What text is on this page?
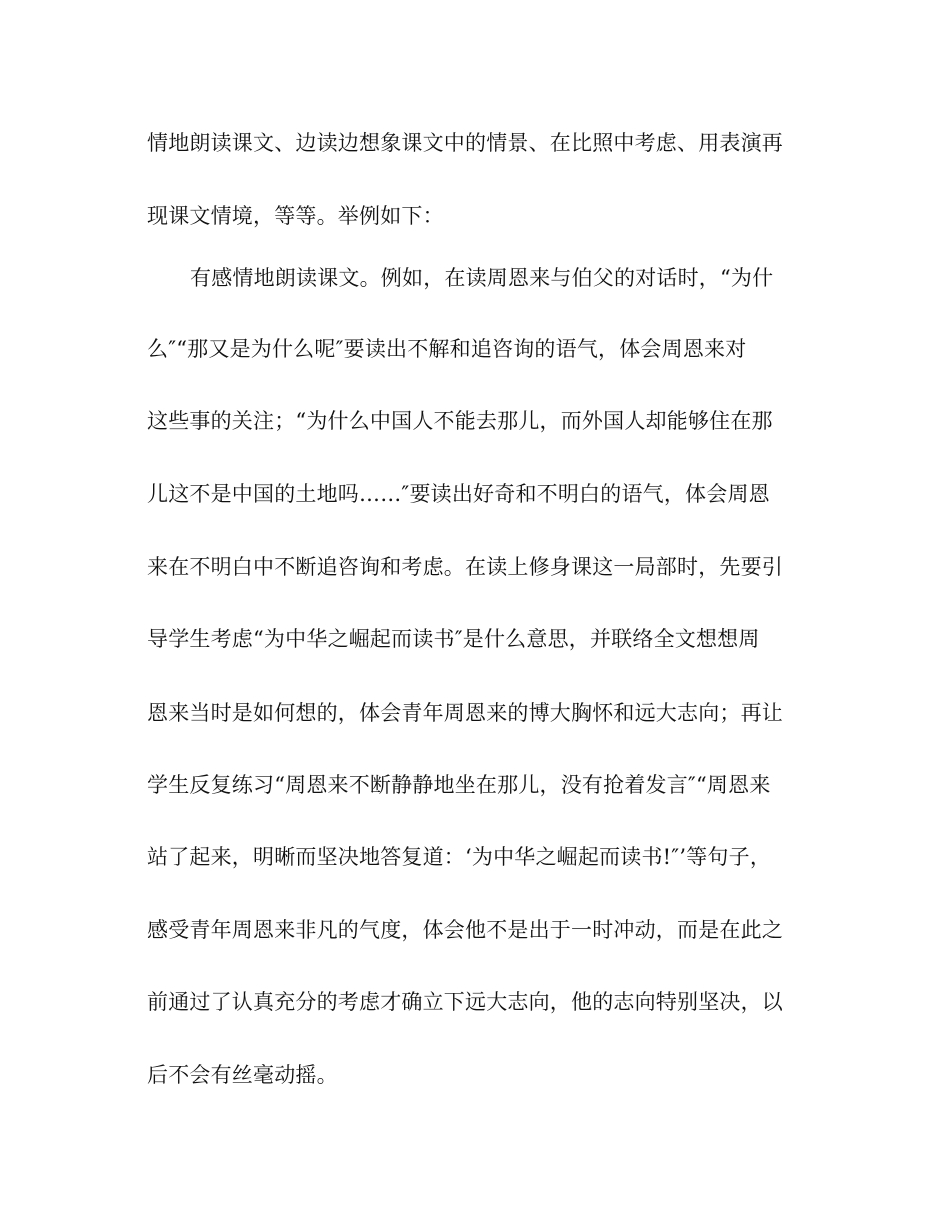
情地朗读课文、边读边想象课文中的情景、在比照中考虑、用表演再
现课文情境，等等。举例如下：
有感情地朗读课文。例如，在读周恩来与伯父的对话时，“为什
么″“那又是为什么呢″要读出不解和追咨询的语气，体会周恩来对
这些事的关注；“为什么中国人不能去那儿，而外国人却能够住在那
儿这不是中国的土地吗……″要读出好奇和不明白的语气，体会周恩
来在不明白中不断追咨询和考虑。在读上修身课这一局部时，先要引
导学生考虑“为中华之崛起而读书″是什么意思，并联络全文想想周
恩来当时是如何想的，体会青年周恩来的博大胸怀和远大志向；再让
学生反复练习“周恩来不断静静地坐在那儿，没有抢着发言″“周恩来
站了起来，明晰而坚决地答复道：‘为中华之崛起而读书!″’等句子，
感受青年周恩来非凡的气度，体会他不是出于一时冲动，而是在此之
前通过了认真充分的考虑才确立下远大志向，他的志向特别坚决，以
后不会有丝毫动摇。
